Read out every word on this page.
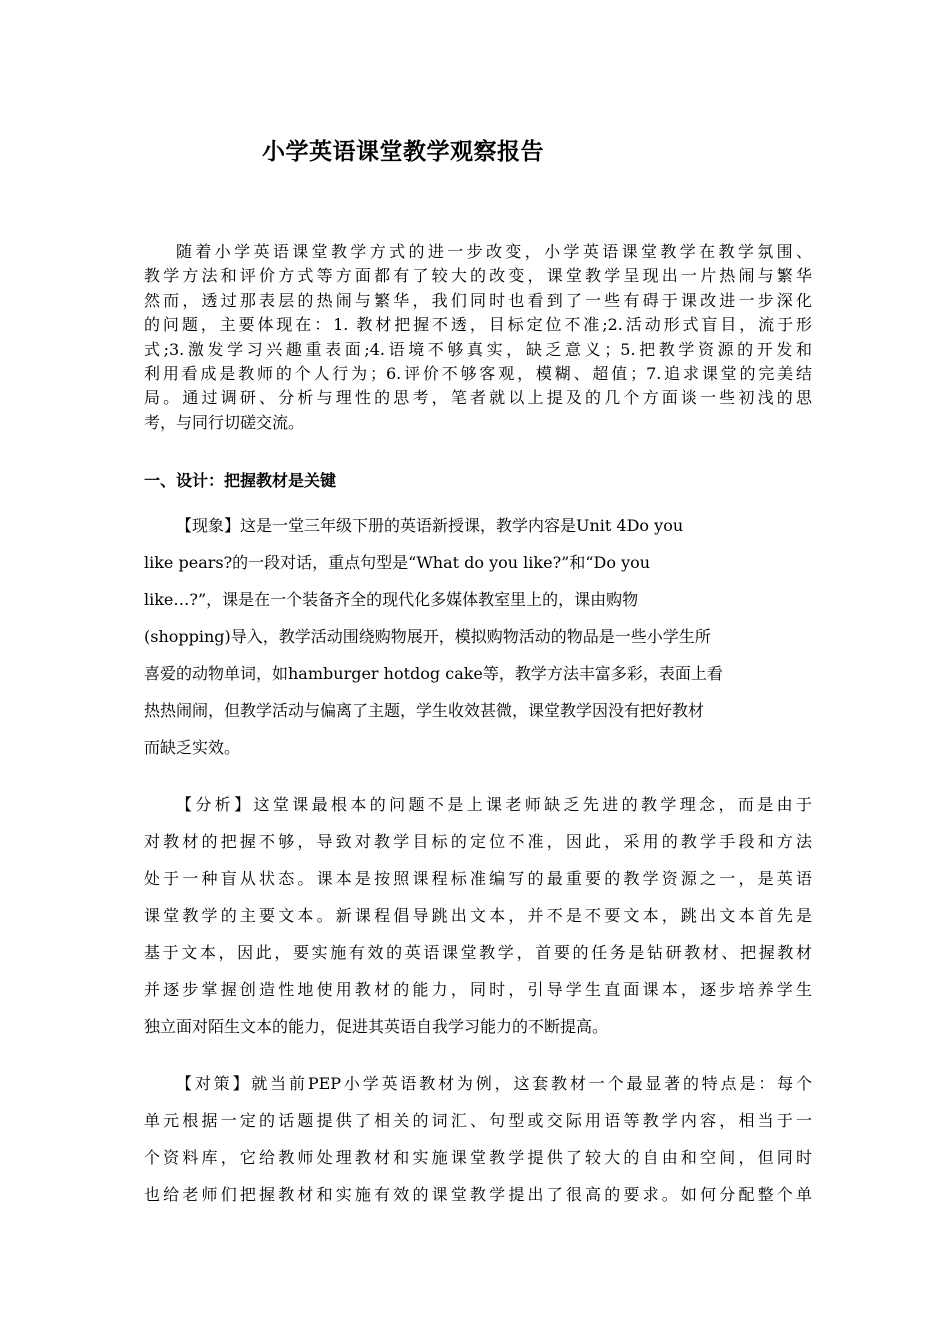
小学英语课堂教学观察报告
随着小学英语课堂教学方式的进一步改变，小学英语课堂教学在教学氛围、
教学方法和评价方式等方面都有了较大的改变，课堂教学呈现出一片热闹与繁华
然而，透过那表层的热闹与繁华，我们同时也看到了一些有碍于课改进一步深化
的问题，主要体现在：1. 教材把握不透，目标定位不准;2.活动形式盲目，流于形
式;3.激发学习兴趣重表面;4.语境不够真实，缺乏意义；5.把教学资源的开发和
利用看成是教师的个人行为；6.评价不够客观，模糊、超值；7.追求课堂的完美结
局。通过调研、分析与理性的思考，笔者就以上提及的几个方面谈一些初浅的思
考，与同行切磋交流。
一、设计：把握教材是关键
【现象】这是一堂三年级下册的英语新授课，教学内容是Unit 4Do you
like pears?的一段对话，重点句型是“What do you like?”和“Do you
like…?”，课是在一个装备齐全的现代化多媒体教室里上的，课由购物
(shopping)导入，教学活动围绕购物展开，模拟购物活动的物品是一些小学生所
喜爱的动物单词，如hamburger hotdog cake等，教学方法丰富多彩，表面上看
热热闹闹，但教学活动与偏离了主题，学生收效甚微，课堂教学因没有把好教材
而缺乏实效。
【分析】这堂课最根本的问题不是上课老师缺乏先进的教学理念，而是由于
对教材的把握不够，导致对教学目标的定位不准，因此，采用的教学手段和方法
处于一种盲从状态。课本是按照课程标准编写的最重要的教学资源之一，是英语
课堂教学的主要文本。新课程倡导跳出文本，并不是不要文本，跳出文本首先是
基于文本，因此，要实施有效的英语课堂教学，首要的任务是钻研教材、把握教材
并逐步掌握创造性地使用教材的能力，同时，引导学生直面课本，逐步培养学生
独立面对陌生文本的能力，促进其英语自我学习能力的不断提高。
【对策】就当前PEP小学英语教材为例，这套教材一个最显著的特点是：每个
单元根据一定的话题提供了相关的词汇、句型或交际用语等教学内容，相当于一
个资料库，它给教师处理教材和实施课堂教学提供了较大的自由和空间，但同时
也给老师们把握教材和实施有效的课堂教学提出了很高的要求。如何分配整个单
